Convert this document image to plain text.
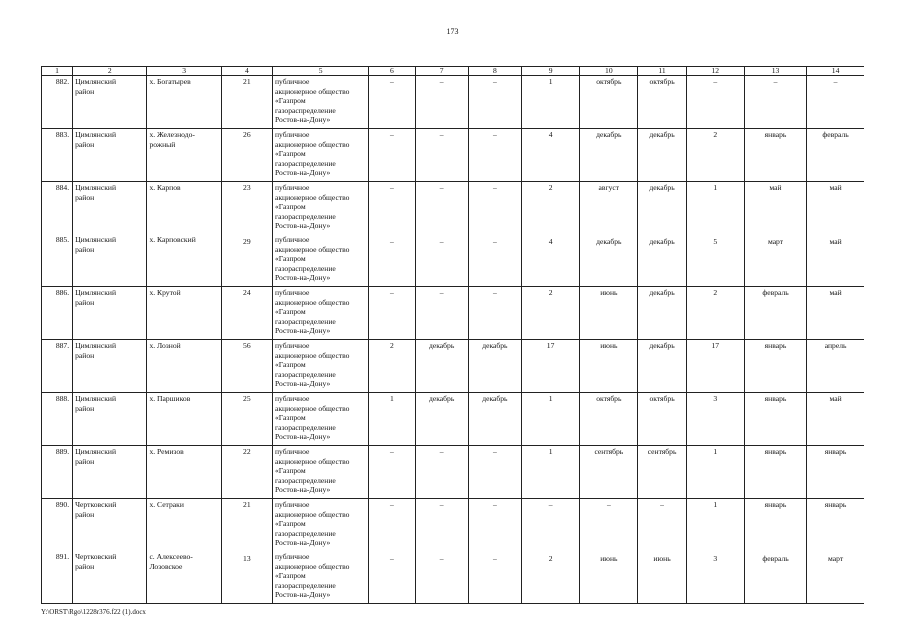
173
1	2	3	4	5	6	7	8	9	10	11	12	13	14

882.	Цимлянский
район	х. Богатырев	21	публичное
акционерное общество
«Газпром
газораспределение
Ростов-на-Дону»	–	–	–	1	октябрь	октябрь	–	–	–

883.	Цимлянский
район	х. Железнодо-
рожный	26	публичное
акционерное общество
«Газпром
газораспределение
Ростов-на-Дону»	–	–	–	4	декабрь	декабрь	2	январь	февраль

884.	Цимлянский
район	х. Карпов	23	публичное
акционерное общество
«Газпром
газораспределение
Ростов-на-Дону»	–	–	–	2	август	декабрь	1	май	май

885.	Цимлянский
район	х. Карповский	29	публичное
акционерное общество
«Газпром
газораспределение
Ростов-на-Дону»	–	–	–	4	декабрь	декабрь	5	март	май

886.	Цимлянский
район	х. Крутой	24	публичное
акционерное общество
«Газпром
газораспределение
Ростов-на-Дону»	–	–	–	2	июнь	декабрь	2	февраль	май

887.	Цимлянский
район	х. Лозной	56	публичное
акционерное общество
«Газпром
газораспределение
Ростов-на-Дону»	2	декабрь	декабрь	17	июнь	декабрь	17	январь	апрель

888.	Цимлянский
район	х. Паршиков	25	публичное
акционерное общество
«Газпром
газораспределение
Ростов-на-Дону»	1	декабрь	декабрь	1	октябрь	октябрь	3	январь	май

889.	Цимлянский
район	х. Ремизов	22	публичное
акционерное общество
«Газпром
газораспределение
Ростов-на-Дону»	–	–	–	1	сентябрь	сентябрь	1	январь	январь

890.	Чертковский
район	х. Сетраки	21	публичное
акционерное общество
«Газпром
газораспределение
Ростов-на-Дону»	–	–	–	–	–	–	1	январь	январь

891.	Чертковский
район	с. Алексеево-
Лозовское	13	публичное
акционерное общество
«Газпром
газораспределение
Ростов-на-Дону»	–	–	–	2	июнь	июнь	3	февраль	март
Y:\ORST\Rgo\1228r376.f22 (1).docx
